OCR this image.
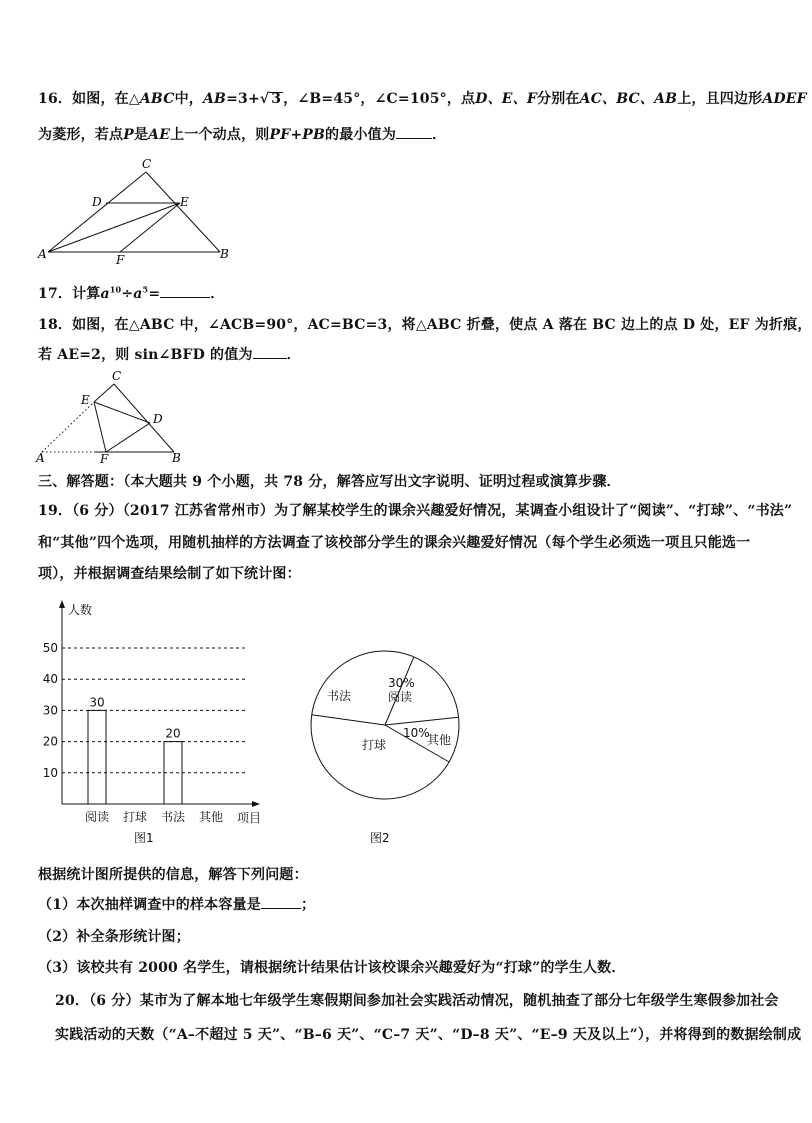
16．如图，在△ABC中，AB=3+√ 3 ，∠B=45°，∠C=105°，点D、E、F分别在AC、BC、AB上，且四边形ADEF
为菱形，若点P是AE上一个动点，则PF+PB的最小值为	．
C
D	E
A	F	B
17．计算$a^{10}\div a^5=$	．
18．如图，在△ABC 中，∠ACB=90°，AC=BC=3，将△ABC 折叠，使点 A 落在 BC 边上的点 D 处，EF 为折痕，
若 AE=2，则 sin∠BFD 的值为 ．
C
E
D
A	F	B
三、解答题：（本大题共 9 个小题，共 78 分，解答应写出文字说明、证明过程或演算步骤．
19．（6 分）（2017 江苏省常州市）为了解某校学生的课余兴趣爱好情况，某调查小组设计了“阅读”、“打球”、“书法”
和“其他”四个选项，用随机抽样的方法调查了该校部分学生的课余兴趣爱好情况（每个学生必须选一项且只能选一
项），并根据调查结果绘制了如下统计图：
人数
项目
10
20
30
40
50
阅读
30
打球 书法
20
其他
图1
30%
阅读
10%
其他
打球
书法
图2
根据统计图所提供的信息，解答下列问题：
（1）本次抽样调查中的样本容量是	；
（2）补全条形统计图；
（3）该校共有 2000 名学生，请根据统计结果估计该校课余兴趣爱好为“打球”的学生人数．
20．（6 分）某市为了解本地七年级学生寒假期间参加社会实践活动情况，随机抽查了部分七年级学生寒假参加社会
实践活动的天数（“A–不超过 5 天”、“B–6 天”、“C–7 天”、“D–8 天”、“E–9 天及以上”），并将得到的数据绘制成
